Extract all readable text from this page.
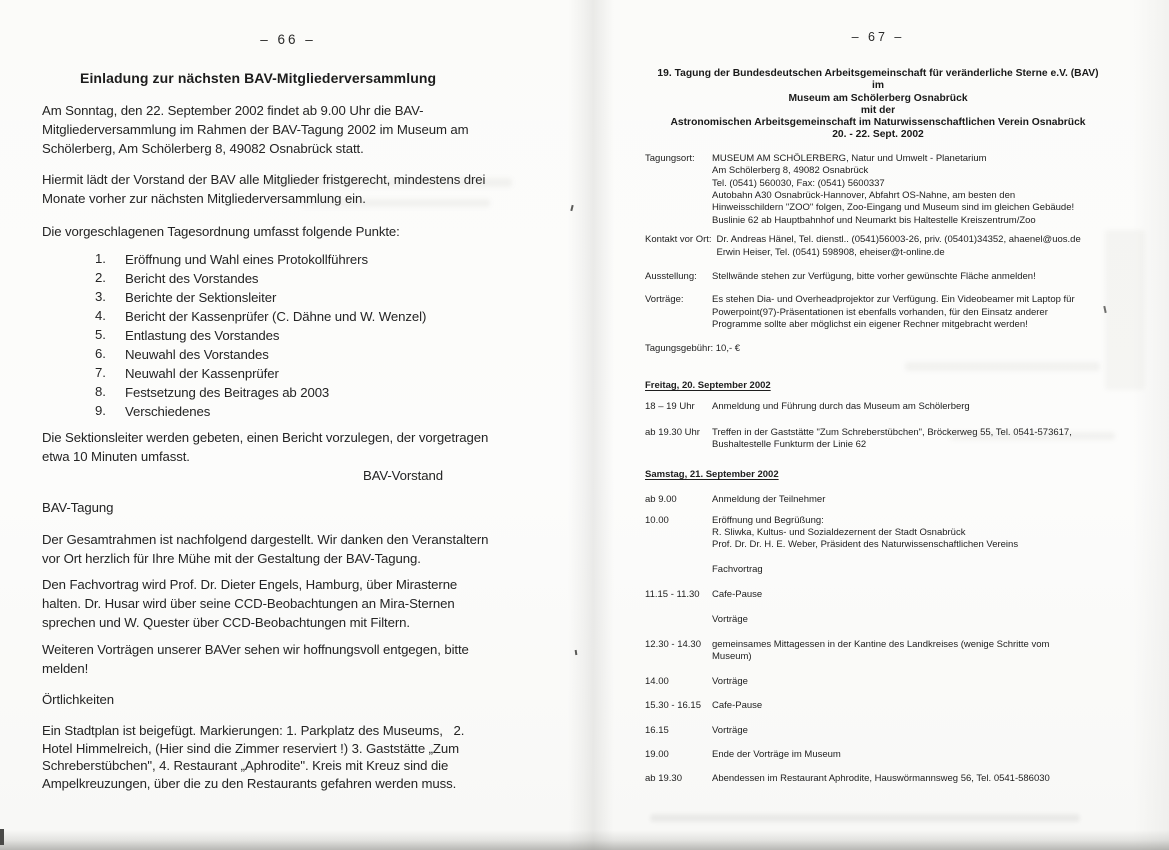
– 66 –
Einladung zur nächsten BAV-Mitgliederversammlung
Am Sonntag, den 22. September 2002 findet ab 9.00 Uhr die BAV-
Mitgliederversammlung im Rahmen der BAV-Tagung 2002 im Museum am
Schölerberg, Am Schölerberg 8, 49082 Osnabrück statt.
Hiermit lädt der Vorstand der BAV alle Mitglieder fristgerecht, mindestens drei
Monate vorher zur nächsten Mitgliederversammlung ein.
Die vorgeschlagenen Tagesordnung umfasst folgende Punkte:
1.	Eröffnung und Wahl eines Protokollführers
2.	Bericht des Vorstandes
3.	Berichte der Sektionsleiter
4.	Bericht der Kassenprüfer (C. Dähne und W. Wenzel)
5.	Entlastung des Vorstandes
6.	Neuwahl des Vorstandes
7.	Neuwahl der Kassenprüfer
8.	Festsetzung des Beitrages ab 2003
9.	Verschiedenes
Die Sektionsleiter werden gebeten, einen Bericht vorzulegen, der vorgetragen
etwa 10 Minuten umfasst.
BAV-Vorstand
BAV-Tagung
Der Gesamtrahmen ist nachfolgend dargestellt. Wir danken den Veranstaltern
vor Ort herzlich für Ihre Mühe mit der Gestaltung der BAV-Tagung.
Den Fachvortrag wird Prof. Dr. Dieter Engels, Hamburg, über Mirasterne
halten. Dr. Husar wird über seine CCD-Beobachtungen an Mira-Sternen
sprechen und W. Quester über CCD-Beobachtungen mit Filtern.
Weiteren Vorträgen unserer BAVer sehen wir hoffnungsvoll entgegen, bitte
melden!
Örtlichkeiten
Ein Stadtplan ist beigefügt. Markierungen: 1. Parkplatz des Museums,   2.
Hotel Himmelreich, (Hier sind die Zimmer reserviert !) 3. Gaststätte „Zum
Schreberstübchen", 4. Restaurant „Aphrodite". Kreis mit Kreuz sind die
Ampelkreuzungen, über die zu den Restaurants gefahren werden muss.
– 67 –
19. Tagung der Bundesdeutschen Arbeitsgemeinschaft für veränderliche Sterne e.V. (BAV)
im
Museum am Schölerberg Osnabrück
mit der
Astronomischen Arbeitsgemeinschaft im Naturwissenschaftlichen Verein Osnabrück
20. - 22. Sept. 2002
Tagungsort:	MUSEUM AM SCHÖLERBERG, Natur und Umwelt - Planetarium
Am Schölerberg 8, 49082 Osnabrück
Tel. (0541) 560030, Fax: (0541) 5600337
Autobahn A30 Osnabrück-Hannover, Abfahrt OS-Nahne, am besten den
Hinweisschildern "ZOO" folgen, Zoo-Eingang und Museum sind im gleichen Gebäude!
Buslinie 62 ab Hauptbahnhof und Neumarkt bis Haltestelle Kreiszentrum/Zoo
Kontakt vor Ort: Dr. Andreas Hänel, Tel. dienstl.. (0541)56003-26, priv. (05401)34352, ahaenel@uos.de
Erwin Heiser, Tel. (0541) 598908, eheiser@t-online.de
Ausstellung:	Stellwände stehen zur Verfügung, bitte vorher gewünschte Fläche anmelden!
Vorträge:	Es stehen Dia- und Overheadprojektor zur Verfügung. Ein Videobeamer mit Laptop für
Powerpoint(97)-Präsentationen ist ebenfalls vorhanden, für den Einsatz anderer
Programme sollte aber möglichst ein eigener Rechner mitgebracht werden!
Tagungsgebühr: 10,- €
Freitag, 20. September 2002
18 – 19 Uhr	Anmeldung und Führung durch das Museum am Schölerberg
ab 19.30 Uhr	Treffen in der Gaststätte "Zum Schreberstübchen", Bröckerweg 55, Tel. 0541-573617,
Bushaltestelle Funkturm der Linie 62
Samstag, 21. September 2002
ab 9.00	Anmeldung der Teilnehmer
10.00	Eröffnung und Begrüßung:
R. Sliwka, Kultus- und Sozialdezernent der Stadt Osnabrück
Prof. Dr. Dr. H. E. Weber, Präsident des Naturwissenschaftlichen Vereins
Fachvortrag
11.15 - 11.30	Cafe-Pause
Vorträge
12.30 - 14.30	gemeinsames Mittagessen in der Kantine des Landkreises (wenige Schritte vom
Museum)
14.00	Vorträge
15.30 - 16.15	Cafe-Pause
16.15	Vorträge
19.00	Ende der Vorträge im Museum
ab 19.30	Abendessen im Restaurant Aphrodite, Hauswörmannsweg 56, Tel. 0541-586030
